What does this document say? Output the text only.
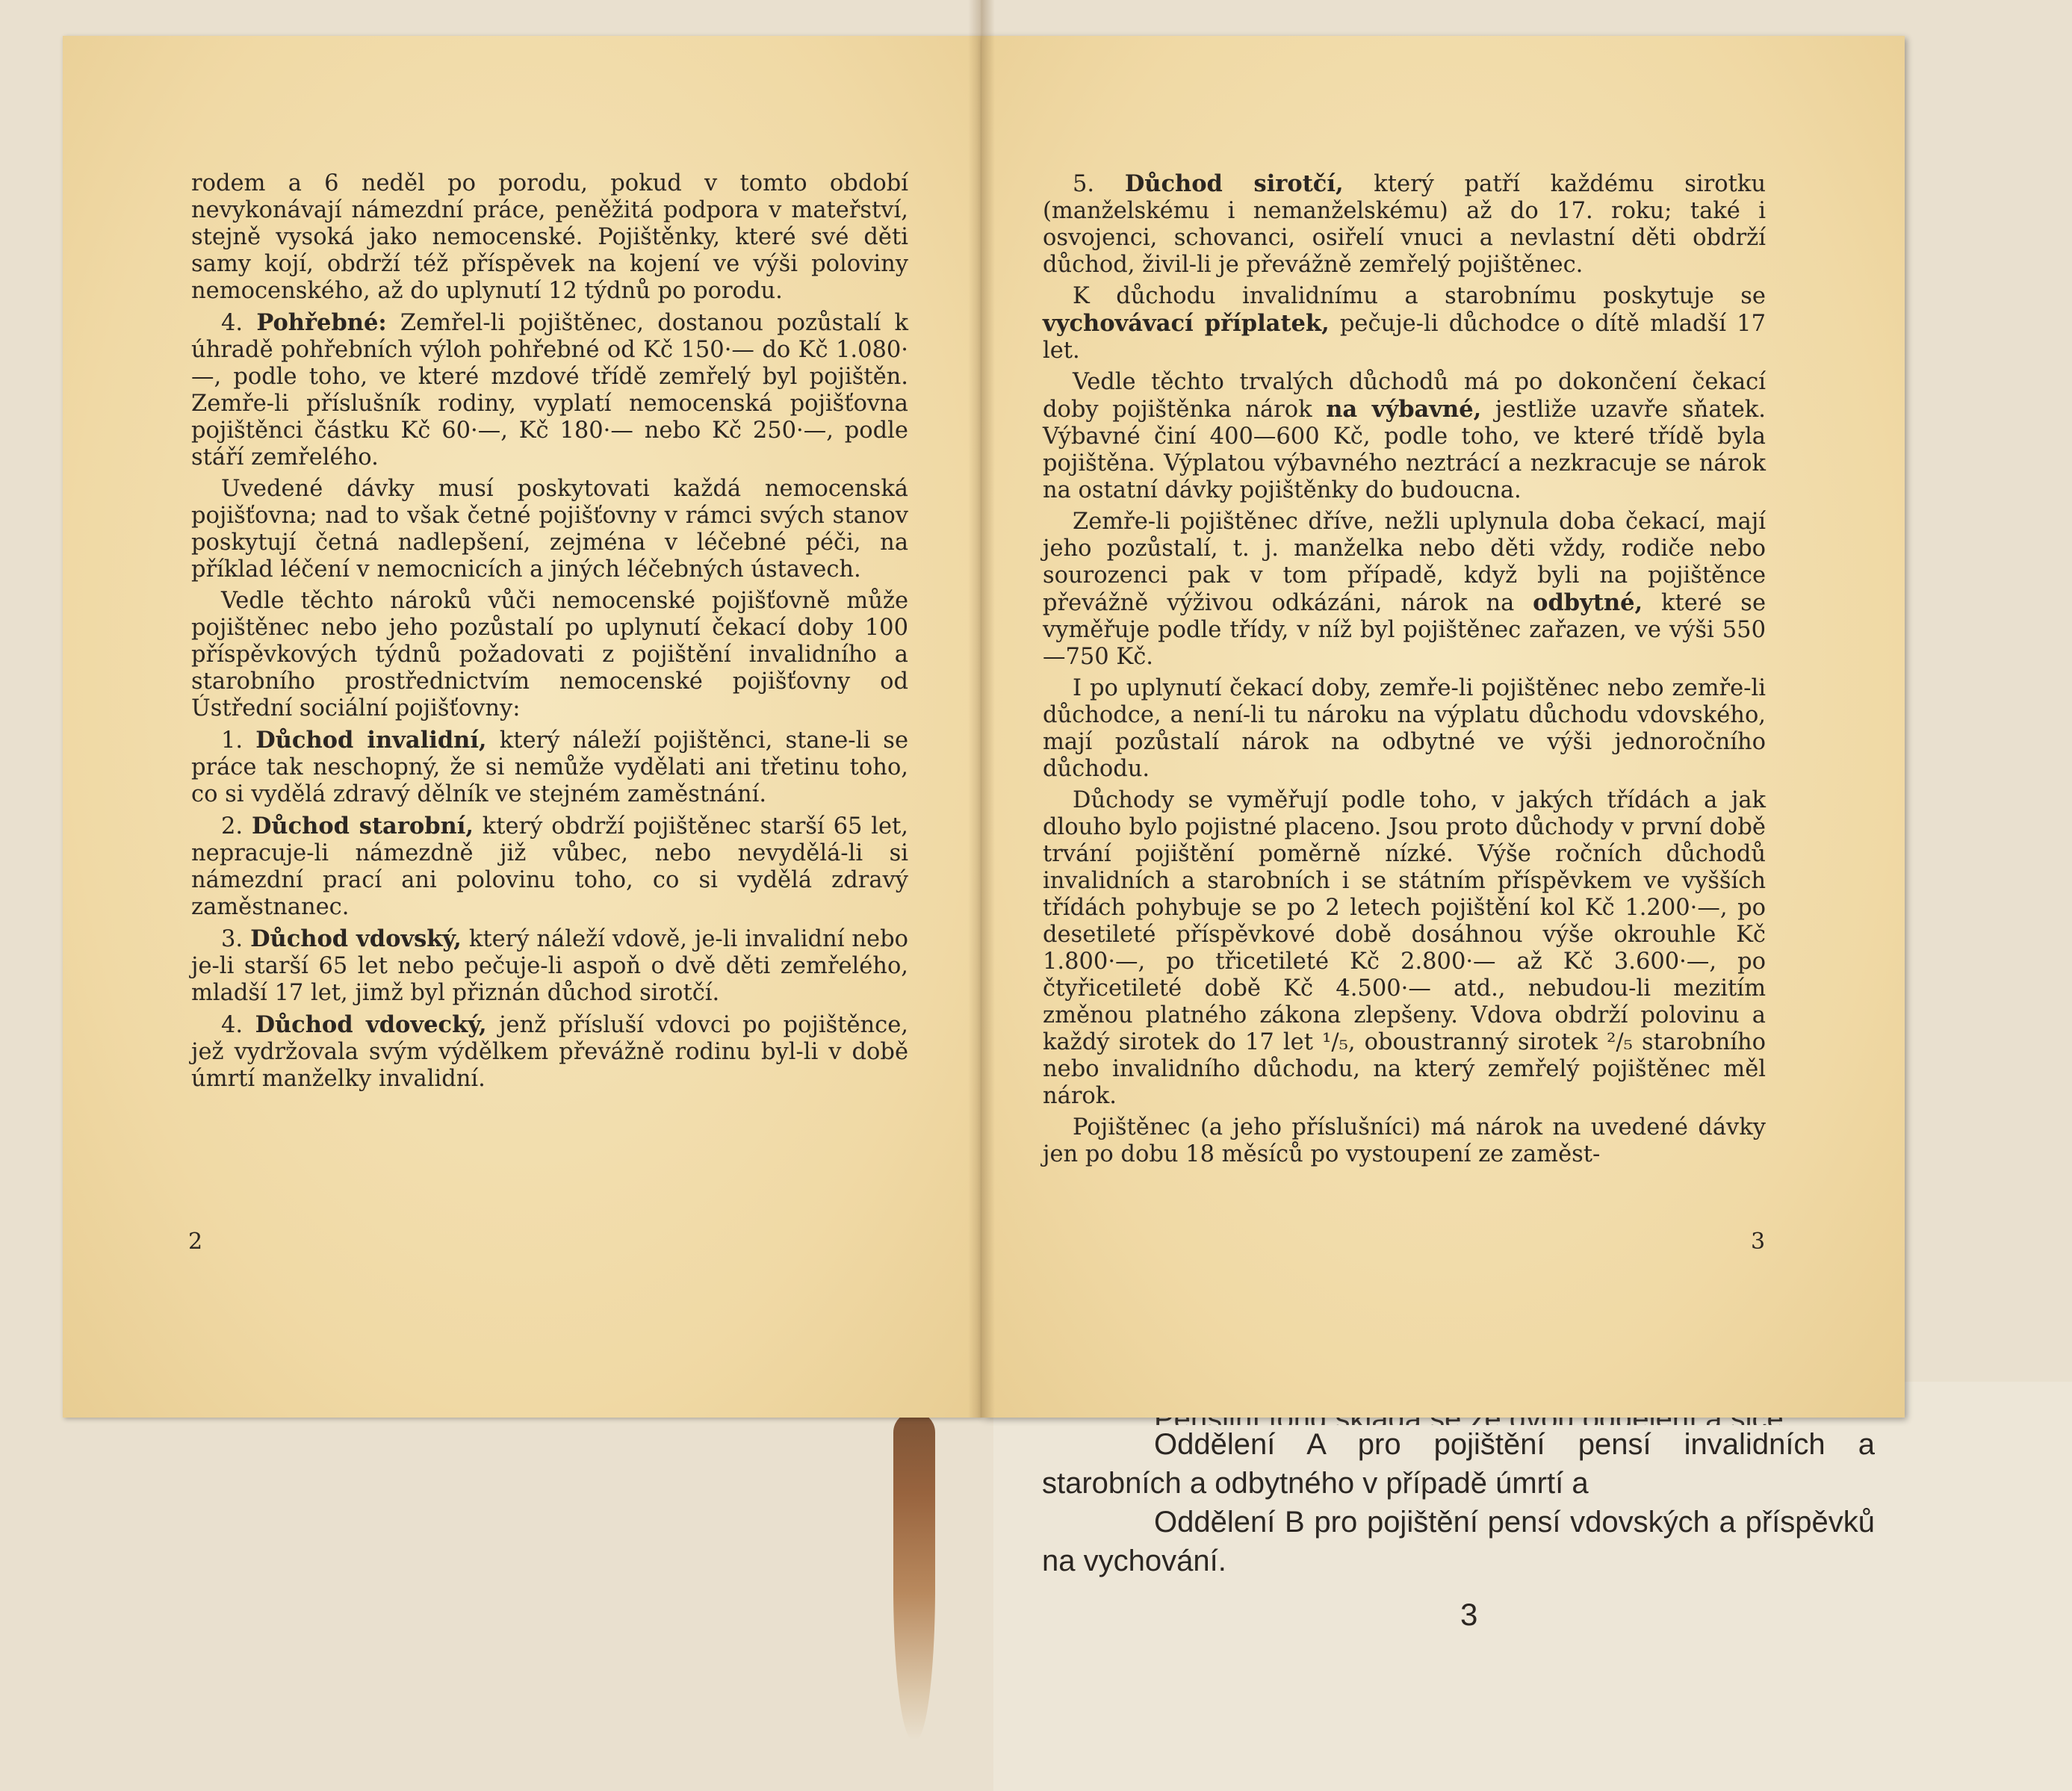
Oddělení A pro pojištění pensí invalidních a starobních a odbytného v případě úmrtí a

Oddělení B pro pojištění pensí vdovských a příspěvků na vychování.

3

rodem a 6 neděl po porodu, pokud v tomto období nevykonávají námezdní práce, peněžitá podpora v mateřství, stejně vysoká jako nemocenské. Pojištěnky, které své děti samy kojí, obdrží též příspěvek na kojení ve výši poloviny nemocenského, až do uplynutí 12 týdnů po porodu.

4. Pohřebné: Zemřel-li pojištěnec, dostanou pozůstalí k úhradě pohřebních výloh pohřebné od Kč 150·— do Kč 1.080·—, podle toho, ve které mzdové třídě zemřelý byl pojištěn. Zemře-li příslušník rodiny, vyplatí nemocenská pojišťovna pojištěnci částku Kč 60·—, Kč 180·— nebo Kč 250·—, podle stáří zemřelého.

Uvedené dávky musí poskytovati každá nemocenská pojišťovna; nad to však četné pojišťovny v rámci svých stanov poskytují četná nadlepšení, zejména v léčebné péči, na příklad léčení v nemocnicích a jiných léčebných ústavech.

Vedle těchto nároků vůči nemocenské pojišťovně může pojištěnec nebo jeho pozůstalí po uplynutí čekací doby 100 příspěvkových týdnů požadovati z pojištění invalidního a starobního prostřednictvím nemocenské pojišťovny od Ústřední sociální pojišťovny:

1. Důchod invalidní, který náleží pojištěnci, stane-li se práce tak neschopný, že si nemůže vydělati ani třetinu toho, co si vydělá zdravý dělník ve stejném zaměstnání.

2. Důchod starobní, který obdrží pojištěnec starší 65 let, nepracuje-li námezdně již vůbec, nebo nevydělá-li si námezdní prací ani polovinu toho, co si vydělá zdravý zaměstnanec.

3. Důchod vdovský, který náleží vdově, je-li invalidní nebo je-li starší 65 let nebo pečuje-li aspoň o dvě děti zemřelého, mladší 17 let, jimž byl přiznán důchod sirotčí.

4. Důchod vdovecký, jenž přísluší vdovci po pojištěnce, jež vydržovala svým výdělkem převážně rodinu byl-li v době úmrtí manželky invalidní.

2

5. Důchod sirotčí, který patří každému sirotku (manželskému i nemanželskému) až do 17. roku; také i osvojenci, schovanci, osiřelí vnuci a nevlastní děti obdrží důchod, živil-li je převážně zemřelý pojištěnec.

K důchodu invalidnímu a starobnímu poskytuje se vychovávací příplatek, pečuje-li důchodce o dítě mladší 17 let.

Vedle těchto trvalých důchodů má po dokončení čekací doby pojištěnka nárok na výbavné, jestliže uzavře sňatek. Výbavné činí 400—600 Kč, podle toho, ve které třídě byla pojištěna. Výplatou výbavného neztrácí a nezkracuje se nárok na ostatní dávky pojištěnky do budoucna.

Zemře-li pojištěnec dříve, nežli uplynula doba čekací, mají jeho pozůstalí, t. j. manželka nebo děti vždy, rodiče nebo sourozenci pak v tom případě, když byli na pojištěnce převážně výživou odkázáni, nárok na odbytné, které se vyměřuje podle třídy, v níž byl pojištěnec zařazen, ve výši 550—750 Kč.

I po uplynutí čekací doby, zemře-li pojištěnec nebo zemře-li důchodce, a není-li tu nároku na výplatu důchodu vdovského, mají pozůstalí nárok na odbytné ve výši jednoročního důchodu.

Důchody se vyměřují podle toho, v jakých třídách a jak dlouho bylo pojistné placeno. Jsou proto důchody v první době trvání pojištění poměrně nízké. Výše ročních důchodů invalidních a starobních i se státním příspěvkem ve vyšších třídách pohybuje se po 2 letech pojištění kol Kč 1.200·—, po desetileté příspěvkové době dosáhnou výše okrouhle Kč 1.800·—, po třicetileté Kč 2.800·— až Kč 3.600·—, po čtyřicetileté době Kč 4.500·— atd., nebudou-li mezitím změnou platného zákona zlepšeny. Vdova obdrží polovinu a každý sirotek do 17 let ¹/₅, oboustranný sirotek ²/₅ starobního nebo invalidního důchodu, na který zemřelý pojištěnec měl nárok.

Pojištěnec (a jeho příslušníci) má nárok na uvedené dávky jen po dobu 18 měsíců po vystoupení ze zaměst-

3
